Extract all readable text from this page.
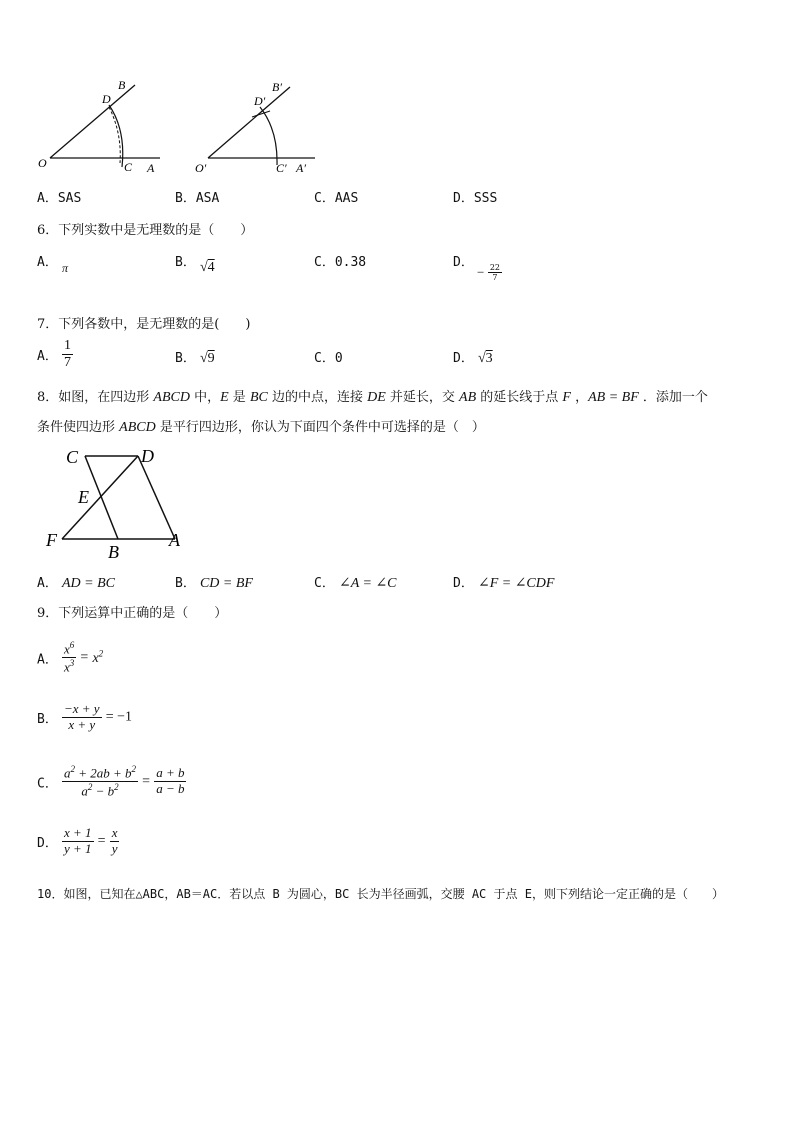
B
D
O	C A
B′
D′
O′	C′ A′
A．SAS	B．ASA	C．AAS	D．SSS
6．下列实数中是无理数的是（　　）
A． π	B． √4	C．0.38	D．
− $\frac{22}{7}$
7．下列各数中，是无理数的是(　　)
A． $\frac{1}{7}$	B． √9	C．0	D． √3
8．如图，在四边形 ABCD 中，E 是 BC 边的中点，连接 DE 并延长，交 AB 的延长线于点 F ，AB = BF ．添加一个
条件使四边形 ABCD 是平行四边形，你认为下面四个条件中可选择的是（　）
C	D
E
F
B
A
A． AD = BC	B． CD = BF	C． ∠A = ∠C	D． ∠F = ∠CDF
9．下列运算中正确的是（　　）
A． $\frac{x^6}{x^3} = x^2$
B． $\frac{-x + y}{x + y} = -1$
C． $\frac{a^2 + 2ab + b^2}{a^2 - b^2} = \frac{a + b}{a - b}$
D． $\frac{x + 1}{y + 1} = \frac{x}{y}$
10．如图，已知在△ABC，AB＝AC．若以点 B 为圆心，BC 长为半径画弧，交腰 AC 于点 E，则下列结论一定正确的是（　　）
